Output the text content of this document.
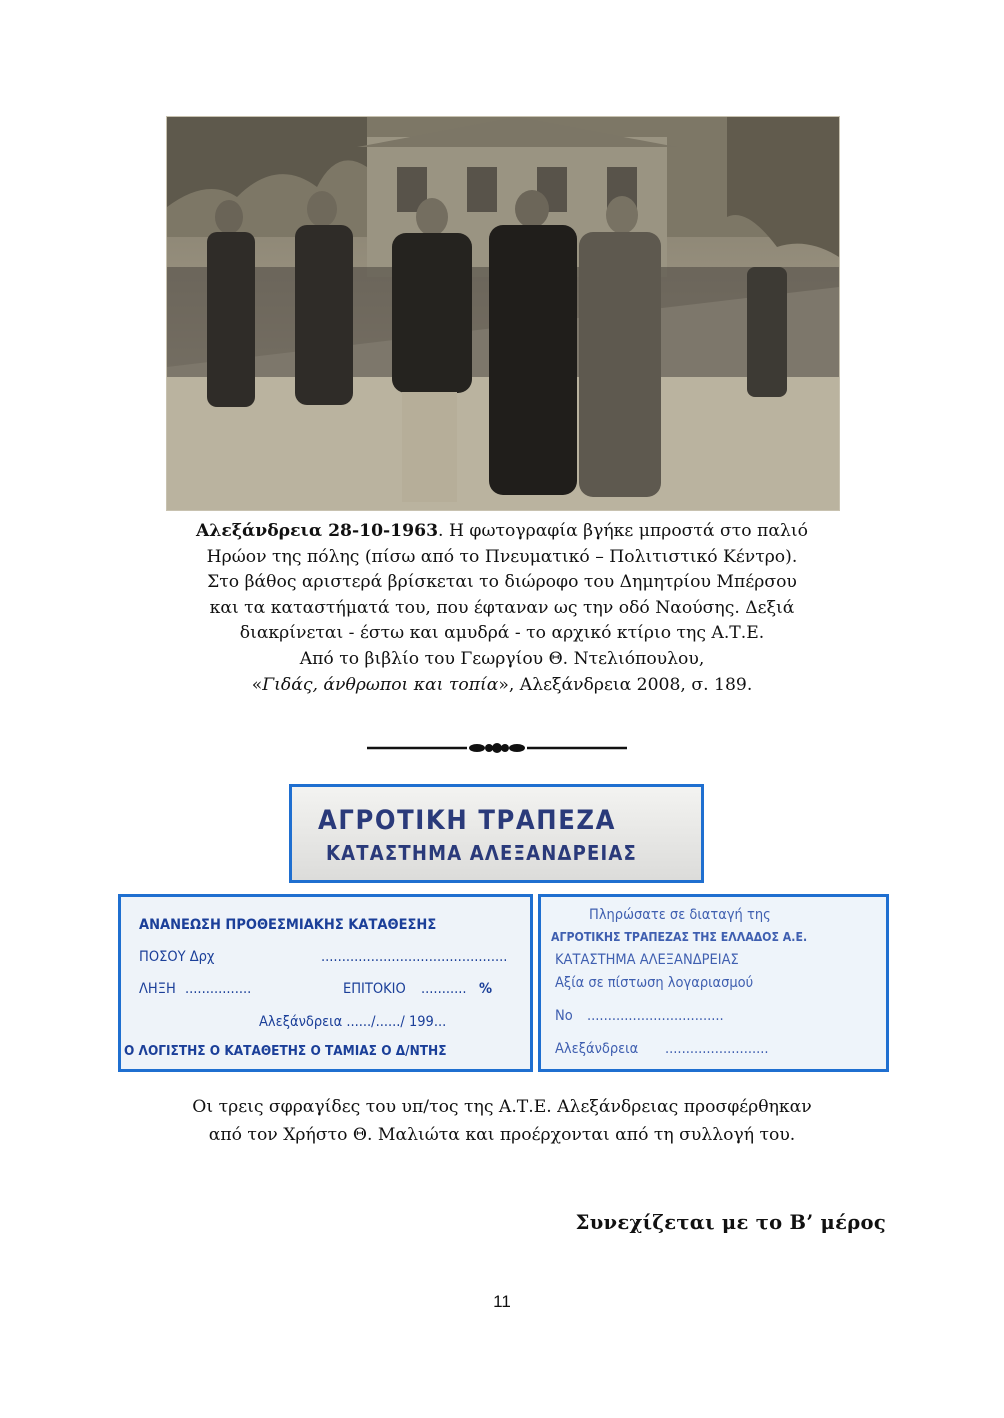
Αλεξάνδρεια 28-10-1963. Η φωτογραφία βγήκε μπροστά στο παλιό

Ηρώον της πόλης (πίσω από το Πνευματικό – Πολιτιστικό Κέντρο).

Στο βάθος αριστερά βρίσκεται το διώροφο του Δημητρίου Μπέρσου

και τα καταστήματά του, που έφταναν ως την οδό Ναούσης. Δεξιά

διακρίνεται - έστω και αμυδρά - το αρχικό κτίριο της Α.Τ.Ε.

Από το βιβλίο του Γεωργίου Θ. Ντελιόπουλου,

«Γιδάς, άνθρωποι και τοπία», Αλεξάνδρεια 2008, σ. 189.

ΑΓΡΟΤΙΚΗ ΤΡΑΠΕΖΑ
ΚΑΤΑΣΤΗΜΑ ΑΛΕΞΑΝΔΡΕΙΑΣ
ΑΝΑΝΕΩΣΗ ΠΡΟΘΕΣΜΙΑΚΗΣ ΚΑΤΑΘΕΣΗΣ
ΠΟΣΟΥ Δρχ	.............................................
ΛΗΞΗ ................	ΕΠΙΤΟΚΙΟ ........... %
Αλεξάνδρεια ....../....../ 199...
Ο ΛΟΓΙΣΤΗΣ Ο ΚΑΤΑΘΕΤΗΣ Ο ΤΑΜΙΑΣ Ο Δ/ΝΤΗΣ
Πληρώσατε σε διαταγή της
ΑΓΡΟΤΙΚΗΣ ΤΡΑΠΕΖΑΣ ΤΗΣ ΕΛΛΑΔΟΣ Α.Ε.
ΚΑΤΑΣΤΗΜΑ ΑΛΕΞΑΝΔΡΕΙΑΣ
Αξία σε πίστωση λογαριασμού
No .................................
Αλεξάνδρεια .........................

Οι τρεις σφραγίδες του υπ/τος της Α.Τ.Ε. Αλεξάνδρειας προσφέρθηκαν

από τον Χρήστο Θ. Μαλιώτα και προέρχονται από τη συλλογή του.

Συνεχίζεται με το Β’ μέρος
11
